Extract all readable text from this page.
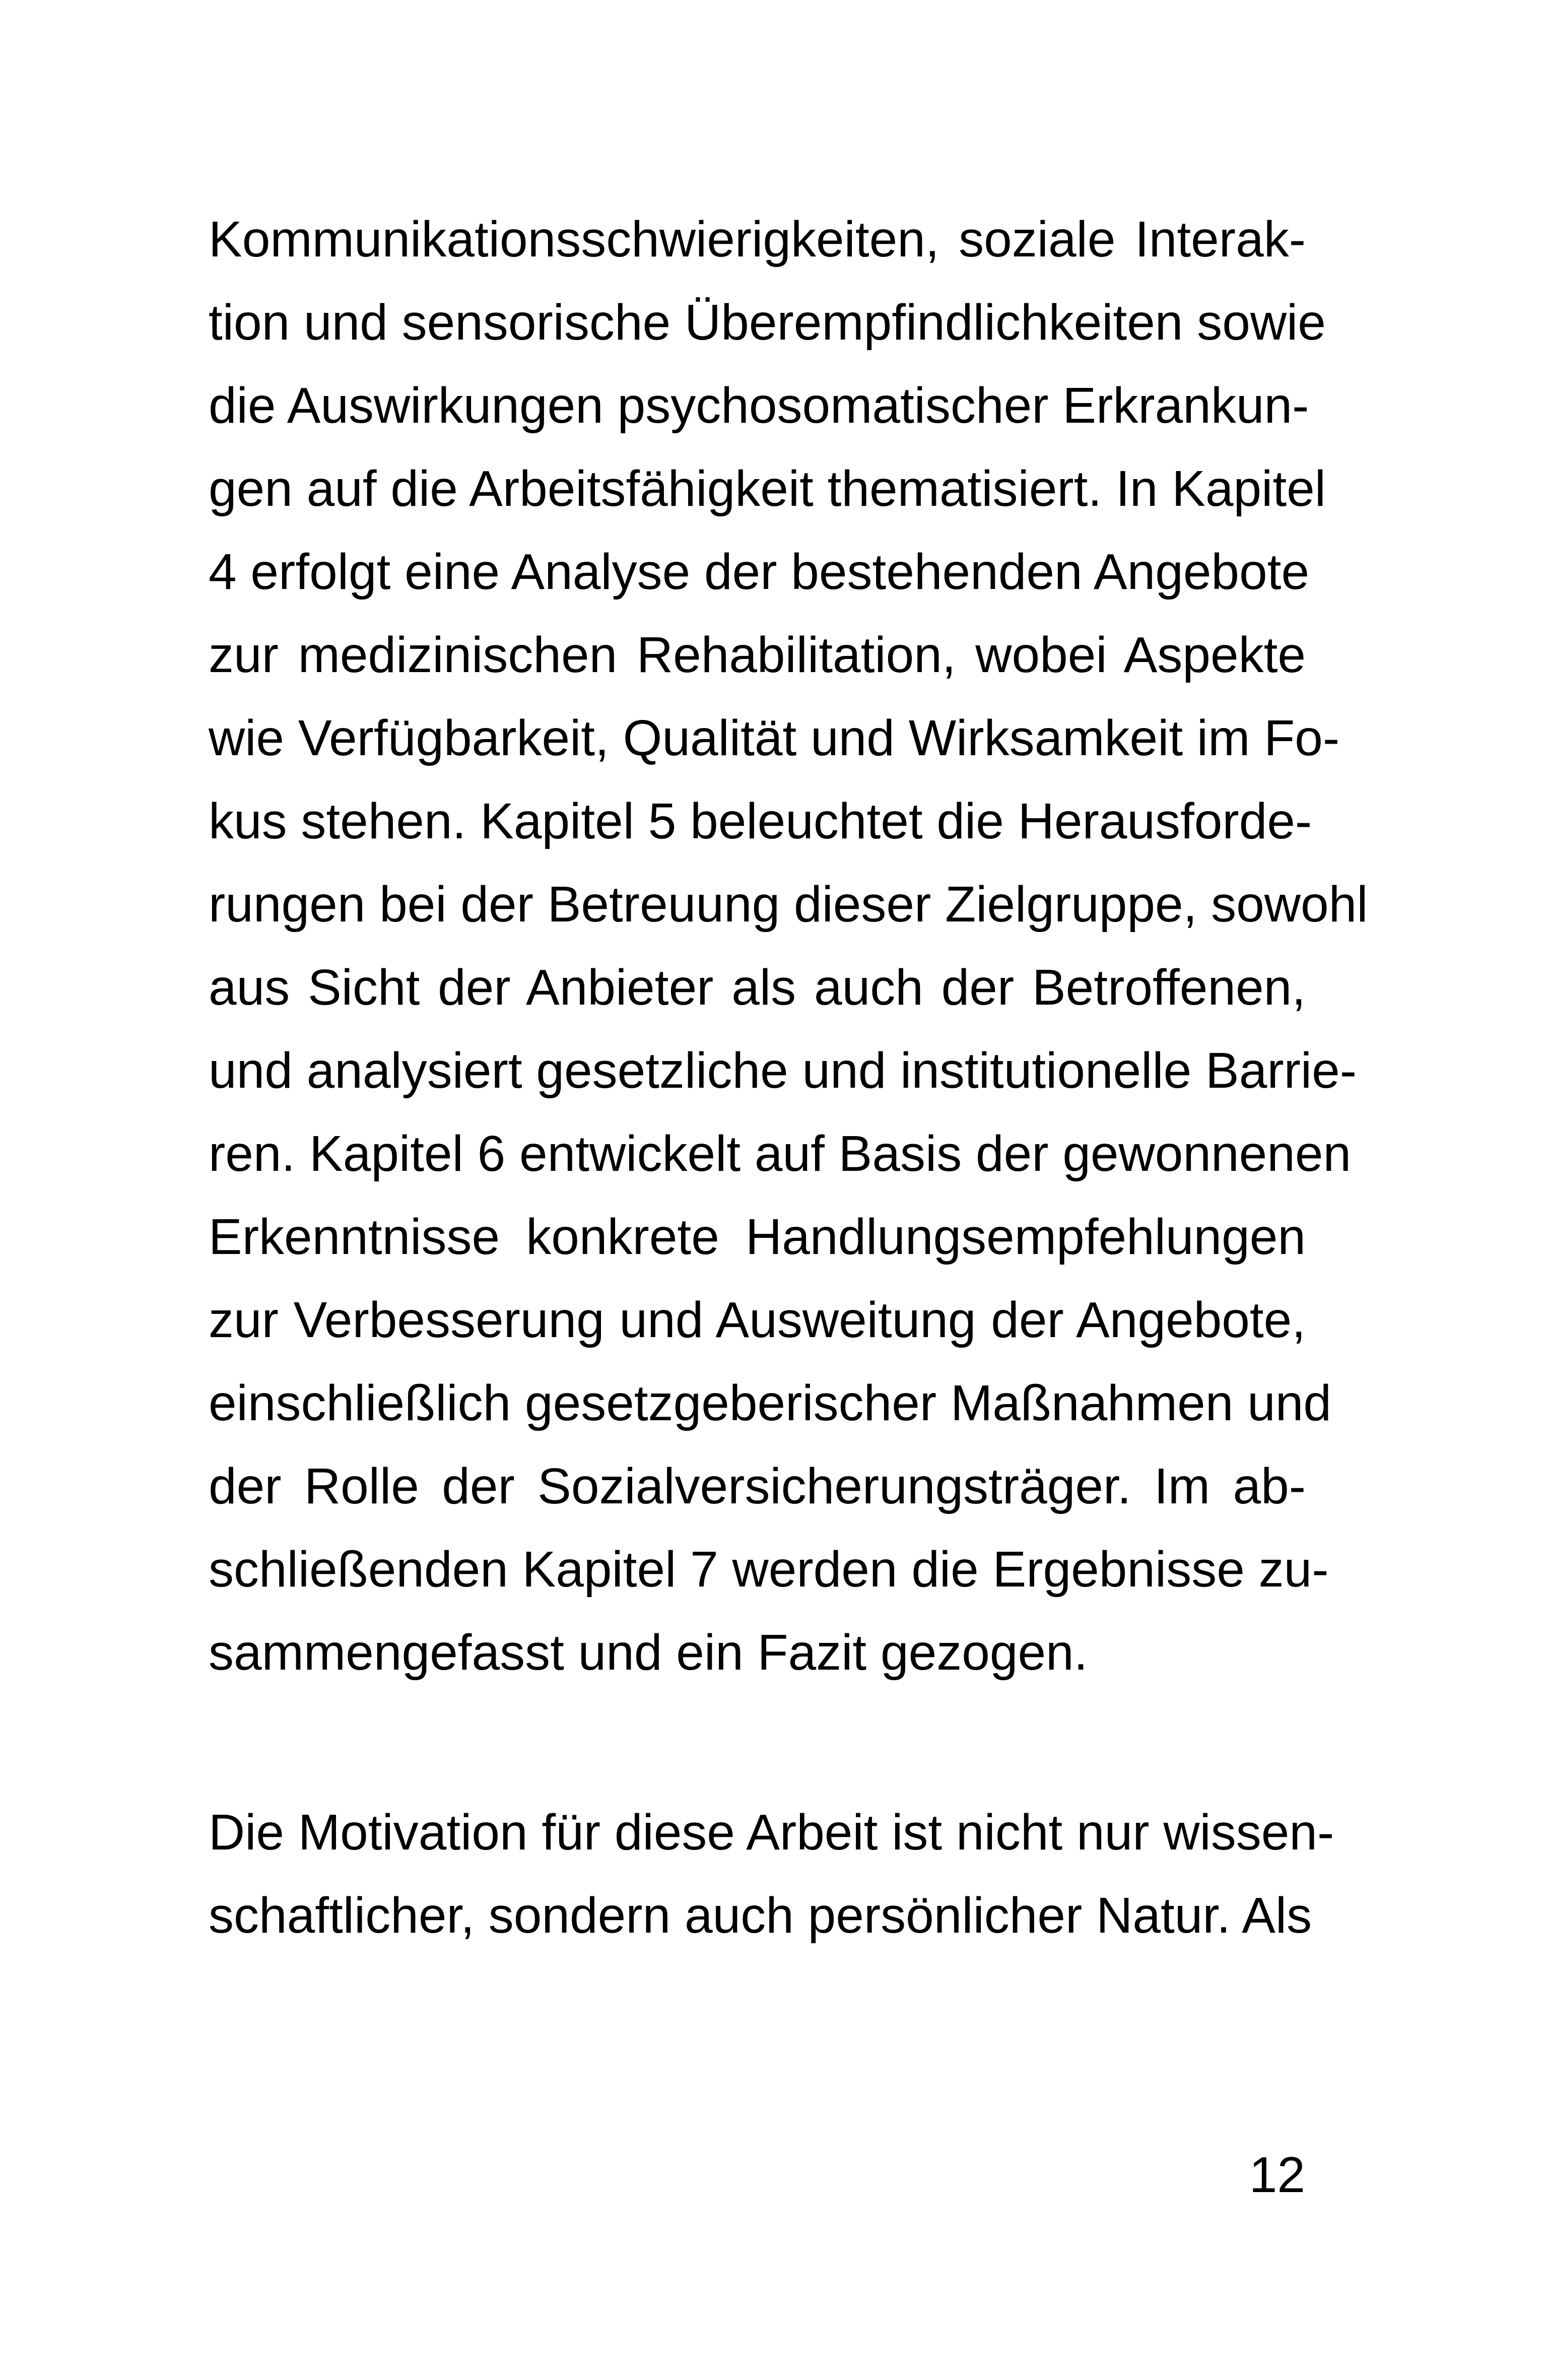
Kommunikationsschwierigkeiten, soziale Interak-
tion und sensorische Überempfindlichkeiten sowie
die Auswirkungen psychosomatischer Erkrankun-
gen auf die Arbeitsfähigkeit thematisiert. In Kapitel
4 erfolgt eine Analyse der bestehenden Angebote
zur medizinischen Rehabilitation, wobei Aspekte
wie Verfügbarkeit, Qualität und Wirksamkeit im Fo-
kus stehen. Kapitel 5 beleuchtet die Herausforde-
rungen bei der Betreuung dieser Zielgruppe, sowohl
aus Sicht der Anbieter als auch der Betroffenen,
und analysiert gesetzliche und institutionelle Barrie-
ren. Kapitel 6 entwickelt auf Basis der gewonnenen
Erkenntnisse konkrete Handlungsempfehlungen
zur Verbesserung und Ausweitung der Angebote,
einschließlich gesetzgeberischer Maßnahmen und
der Rolle der Sozialversicherungsträger. Im ab-
schließenden Kapitel 7 werden die Ergebnisse zu-
sammengefasst und ein Fazit gezogen.
Die Motivation für diese Arbeit ist nicht nur wissen-
schaftlicher, sondern auch persönlicher Natur. Als
12
